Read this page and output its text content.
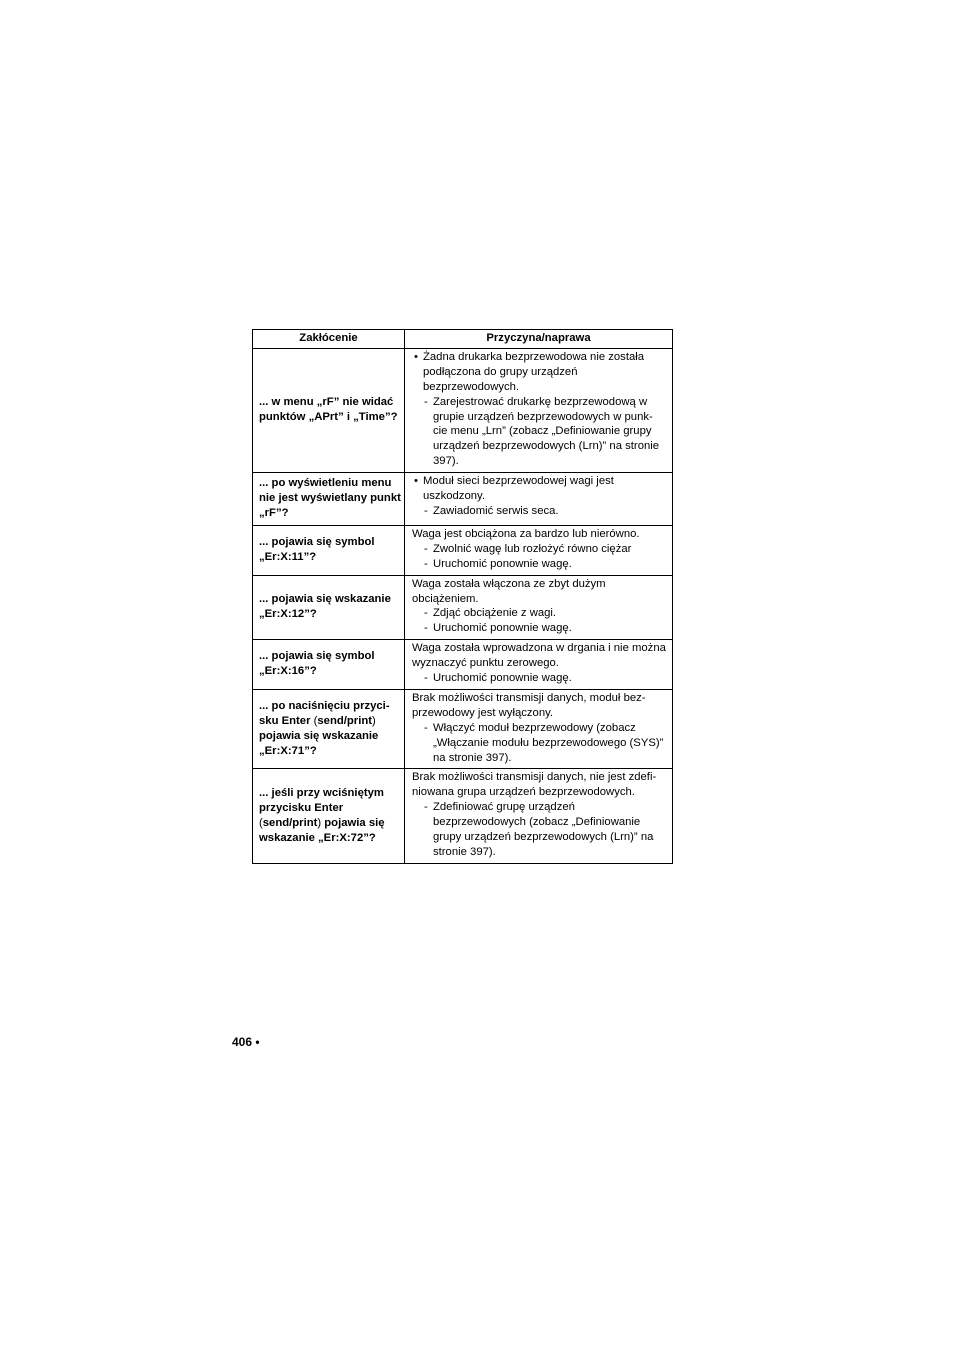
Zakłócenie	Przyczyna/naprawa
... w menu „rF” nie widać punktów „APrt” i „Time”?	• Żadna drukarka bezprzewodowa nie została podłączona do grupy urządzeń bezprzewodowych.
- Zarejestrować drukarkę bezprzewodową w grupie urządzeń bezprzewodowych w punk-cie menu „Lrn” (zobacz „Definiowanie grupy urządzeń bezprzewodowych (Lrn)” na stronie 397).

... po wyświetleniu menu nie jest wyświetlany punkt „rF”?	• Moduł sieci bezprzewodowej wagi jest uszkodzony.
- Zawiadomić serwis seca.

... pojawia się symbol „Er:X:11”?	Waga jest obciążona za bardzo lub nierówno.
- Zwolnić wagę lub rozłożyć równo ciężar
- Uruchomić ponownie wagę.

... pojawia się wskazanie „Er:X:12”?	Waga została włączona ze zbyt dużym obciążeniem.
- Zdjąć obciążenie z wagi.
- Uruchomić ponownie wagę.

... pojawia się symbol „Er:X:16”?	Waga została wprowadzona w drgania i nie można wyznaczyć punktu zerowego.
- Uruchomić ponownie wagę.

... po naciśnięciu przyci-sku Enter (send/print) pojawia się wskazanie „Er:X:71”?	Brak możliwości transmisji danych, moduł bez-przewodowy jest wyłączony.
- Włączyć moduł bezprzewodowy (zobacz „Włączanie modułu bezprzewodowego (SYS)” na stronie 397).

... jeśli przy wciśniętym przycisku Enter (send/print) pojawia się wskazanie „Er:X:72”?	Brak możliwości transmisji danych, nie jest zdefi-niowana grupa urządzeń bezprzewodowych.
- Zdefiniować grupę urządzeń bezprzewodowych (zobacz „Definiowanie grupy urządzeń bezprzewodowych (Lrn)” na stronie 397).
406 •
